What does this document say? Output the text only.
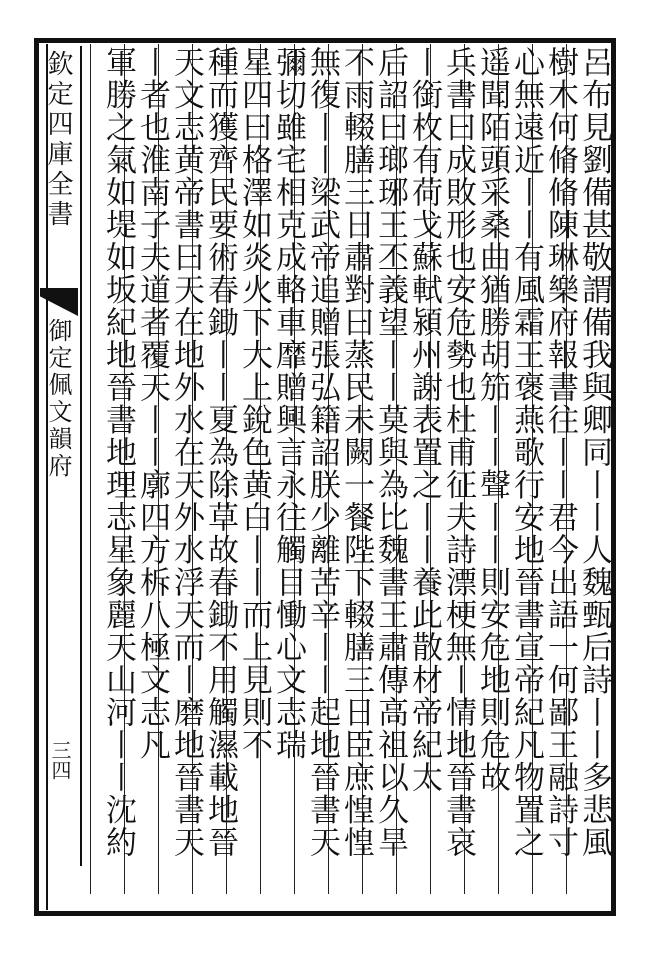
欽定四庫全書
御定佩文韻府
三四	呂布見劉備甚敬謂備我與卿同丨丨人魏甄后詩丨丨多悲風
樹木何脩脩陳琳樂府報書往丨丨君今出語一何鄙王融詩寸
心無遠近丨丨有風霜王褒燕歌行安地晉書宣帝紀凡物置之
遥聞陌頭采桑曲猶勝胡笳丨丨聲丨丨則安危地則危故
兵書曰成敗形也安危勢也杜甫征夫詩漂梗無丨情地晉書哀
丨銜枚有荷戈蘇軾潁州謝表置之丨丨養此散材帝紀太
后詔曰瑯琊王丕義望丨丨莫與為比魏書王肅傳高祖以久旱
不雨輟膳三日肅對曰蒸民未闕一餐陛下輟膳三日臣庶惶惶
無復丨丨梁武帝追贈張弘籍詔朕少離苦辛丨丨起地晉書天
彌切雖宅相克成輅車靡贈興言永往觸目慟心文志瑞
星四曰格澤如炎火下大上銳色黄白丨丨而上見則不
種而獲齊民要術春鋤丨丨夏為除草故春鋤不用觸濕載地晉
天文志黄帝書曰天在地外水在天外水浮天而丨磨地晉書天
丨者也淮南子夫道者覆天丨丨廓四方柝八極文志凡
軍勝之氣如堤如坂紀地晉書地理志星象麗天山河丨丨沈約
